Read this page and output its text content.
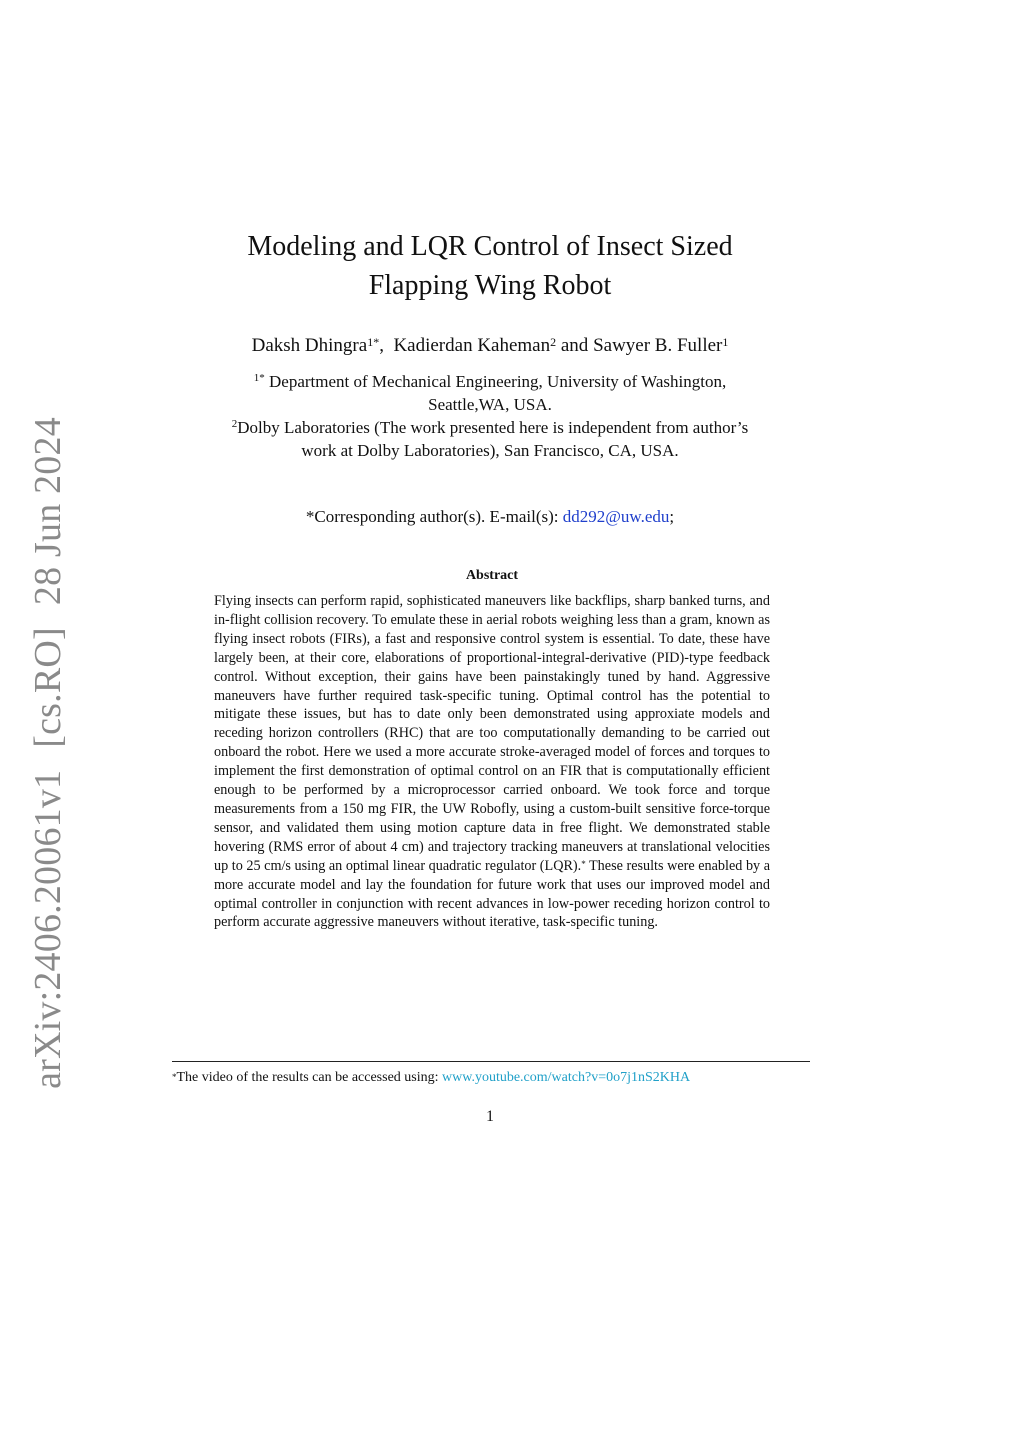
arXiv:2406.20061v1[cs.RO]28 Jun 2024
Modeling and LQR Control of Insect Sized
Flapping Wing Robot
Daksh Dhingra$^{1*}$,  Kadierdan Kaheman$^2$ and Sawyer B. Fuller$^1$
$^{1*}$ Department of Mechanical Engineering, University of Washington,
Seattle,WA, USA.
$^2$Dolby Laboratories (The work presented here is independent from author’s
work at Dolby Laboratories), San Francisco, CA, USA.
*Corresponding author(s). E-mail(s): dd292@uw.edu;
Abstract
Flying insects can perform rapid, sophisticated maneuvers like backflips, sharp banked turns, and in-flight collision recovery. To emulate these in aerial robots weighing less than a gram, known as flying insect robots (FIRs), a fast and responsive control system is essential. To date, these have largely been, at their core, elaborations of proportional-integral-derivative (PID)-type feedback control. Without exception, their gains have been painstakingly tuned by hand. Aggressive maneuvers have further required task-specific tuning. Optimal control has the potential to mitigate these issues, but has to date only been demonstrated using approxiate models and receding horizon controllers (RHC) that are too computationally demanding to be carried out onboard the robot. Here we used a more accurate stroke-averaged model of forces and torques to implement the first demonstration of optimal control on an FIR that is computationally efficient enough to be performed by a microprocessor carried onboard. We took force and torque measurements from a 150 mg FIR, the UW Robofly, using a custom-built sensitive force-torque sensor, and validated them using motion capture data in free flight. We demonstrated stable hovering (RMS error of about 4 cm) and trajectory tracking maneuvers at translational velocities up to 25 cm/s using an optimal linear quadratic regulator (LQR).* These results were enabled by a more accurate model and lay the foundation for future work that uses our improved model and optimal controller in conjunction with recent advances in low-power receding horizon control to perform accurate aggressive maneuvers without iterative, task-specific tuning.
*The video of the results can be accessed using: www.youtube.com/watch?v=0o7j1nS2KHA
1
